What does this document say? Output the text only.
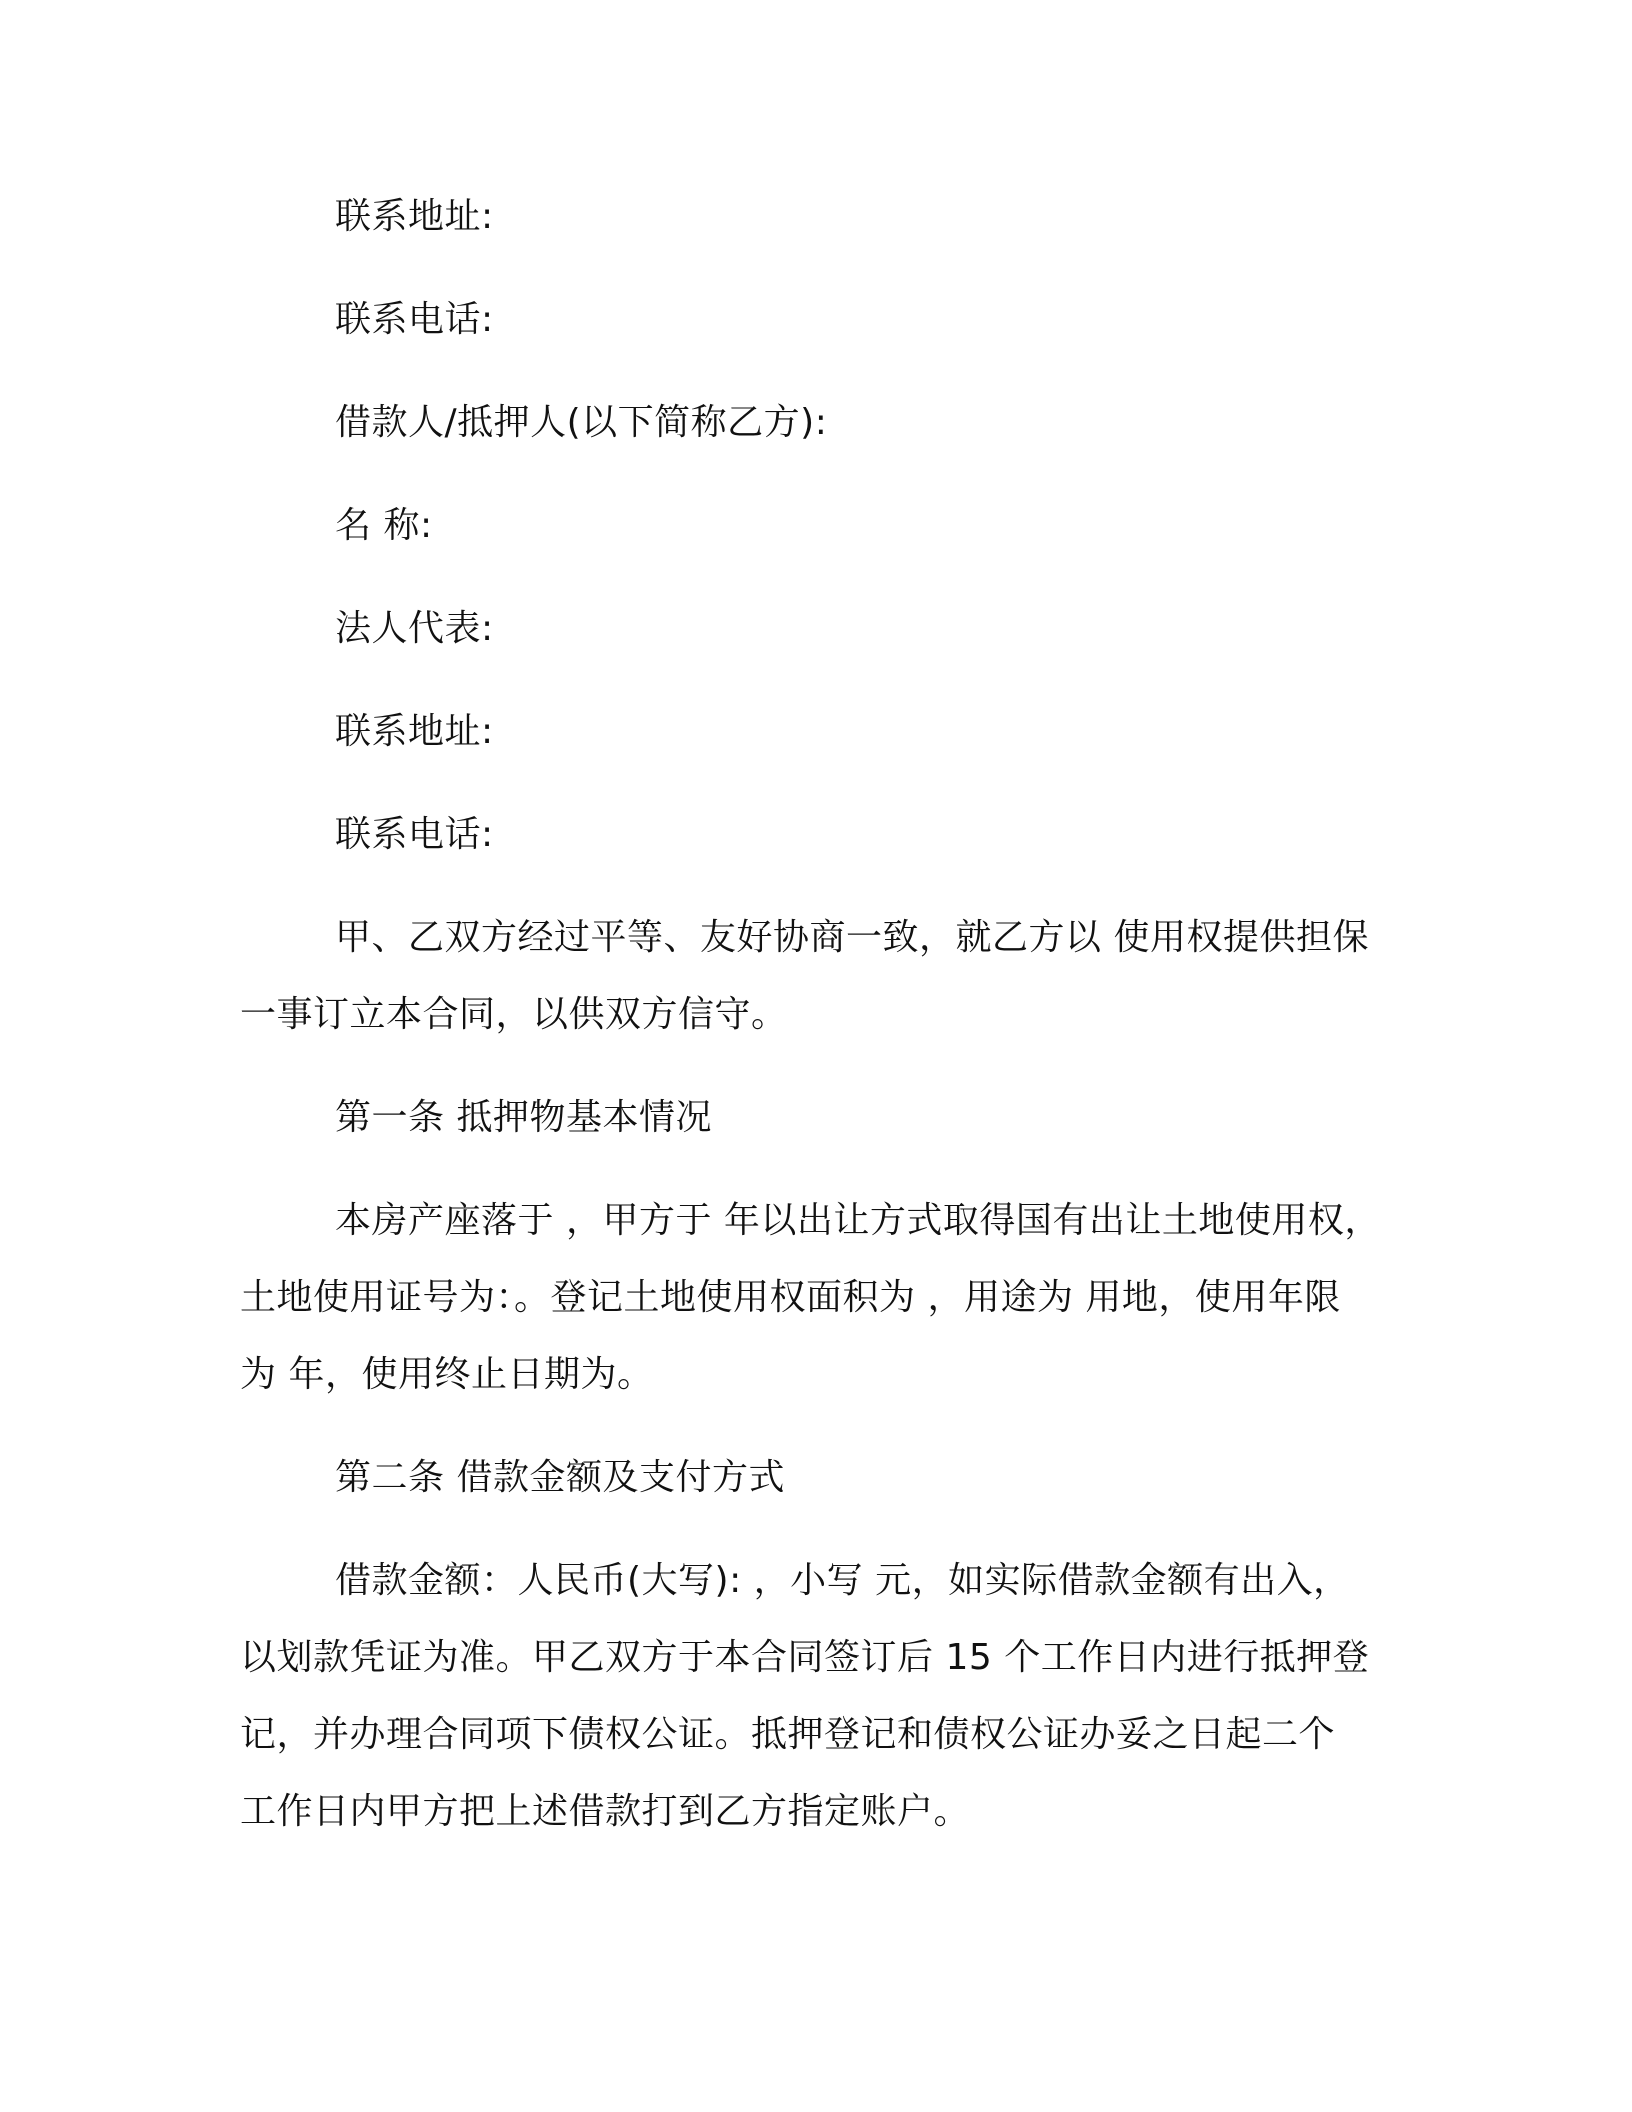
联系地址:
联系电话:
借款人/抵押人(以下简称乙方):
名 称:
法人代表:
联系地址:
联系电话:
甲、乙双方经过平等、友好协商一致，就乙方以 使用权提供担保
一事订立本合同，以供双方信守。
第一条 抵押物基本情况
本房产座落于 ，甲方于 年以出让方式取得国有出让土地使用权，
土地使用证号为：。登记土地使用权面积为 ，用途为 用地，使用年限
为 年，使用终止日期为。
第二条 借款金额及支付方式
借款金额：人民币(大写): ，小写 元，如实际借款金额有出入，
以划款凭证为准。甲乙双方于本合同签订后 15 个工作日内进行抵押登
记，并办理合同项下债权公证。抵押登记和债权公证办妥之日起二个
工作日内甲方把上述借款打到乙方指定账户。
